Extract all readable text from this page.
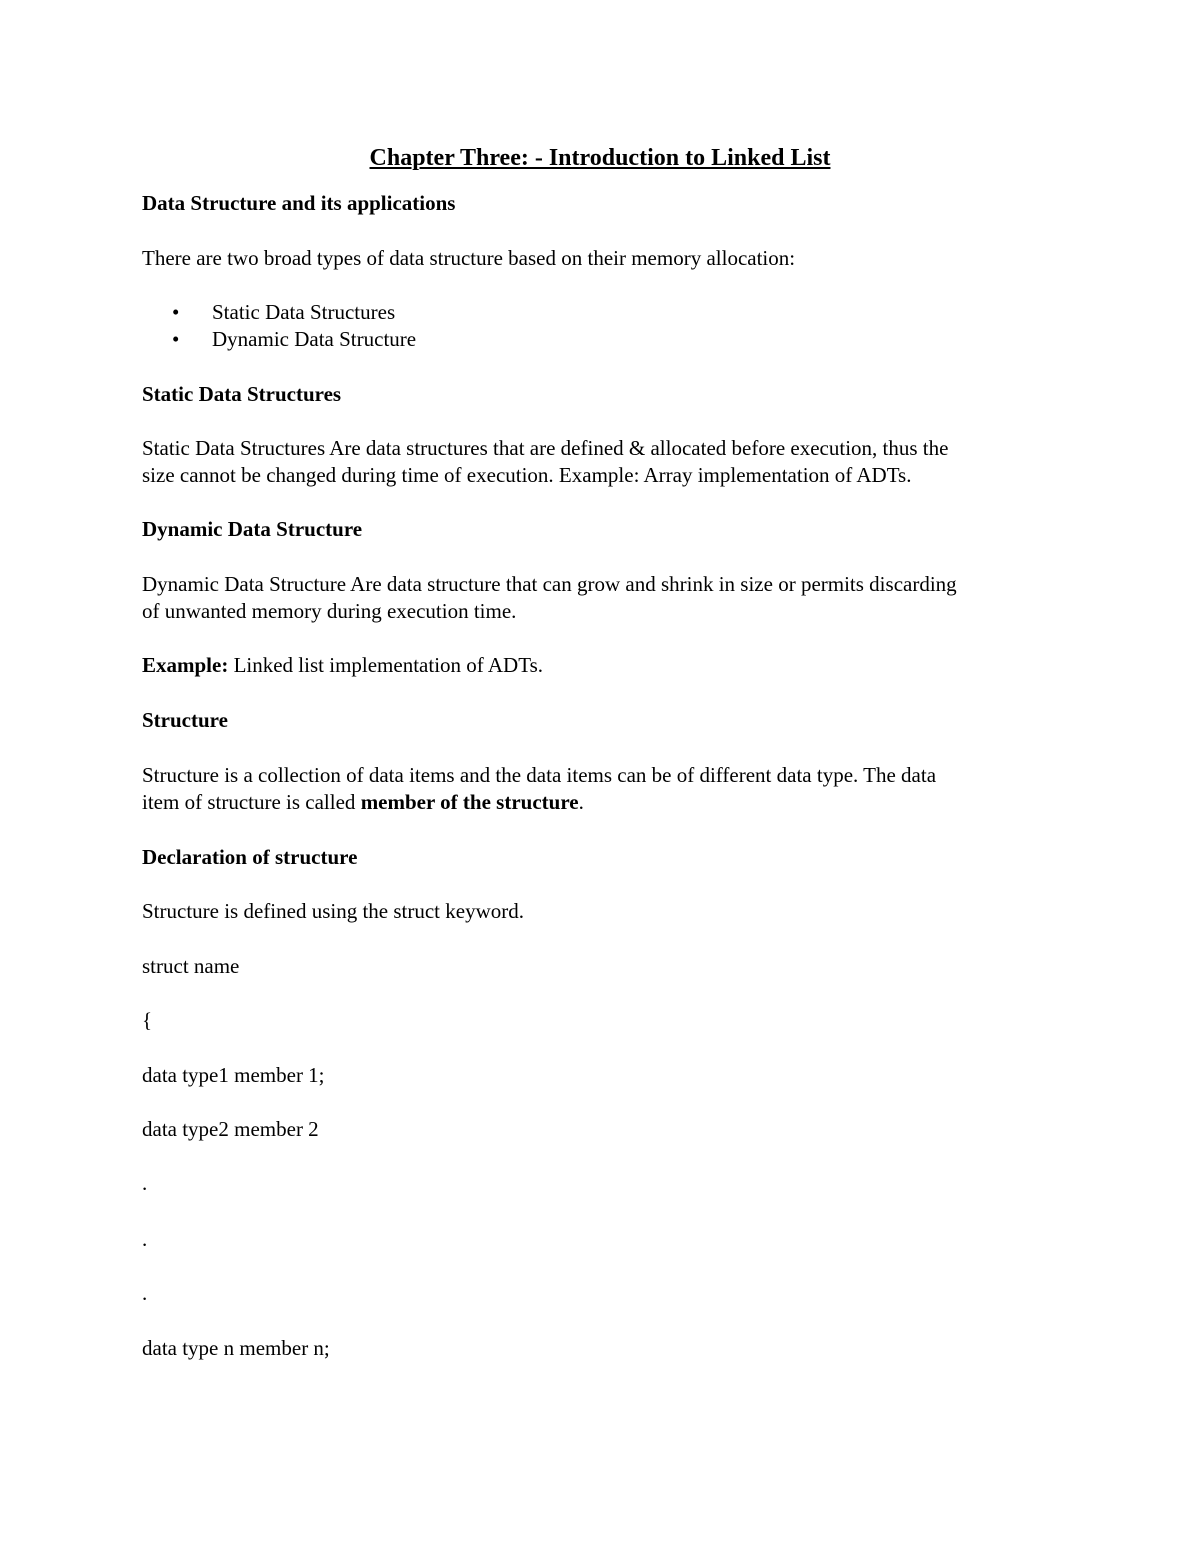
Chapter Three: - Introduction to Linked List
Data Structure and its applications
There are two broad types of data structure based on their memory allocation:
• Static Data Structures
• Dynamic Data Structure
Static Data Structures
Static Data Structures Are data structures that are defined & allocated before execution, thus the
size cannot be changed during time of execution. Example: Array implementation of ADTs.
Dynamic Data Structure
Dynamic Data Structure Are data structure that can grow and shrink in size or permits discarding
of unwanted memory during execution time.
Example: Linked list implementation of ADTs.
Structure
Structure is a collection of data items and the data items can be of different data type. The data
item of structure is called member of the structure.
Declaration of structure
Structure is defined using the struct keyword.
struct name
{
data type1 member 1;
data type2 member 2
.
.
.
data type n member n;
